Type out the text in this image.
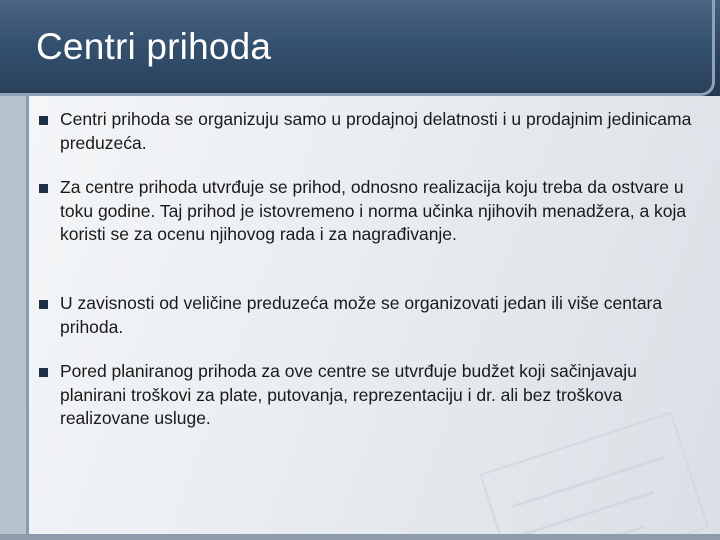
Centri prihoda

Centri prihoda se organizuju samo u prodajnoj delatnosti i u prodajnim jedinicama preduzeća.

Za centre prihoda utvrđuje se prihod, odnosno realizacija koju treba da ostvare u toku godine. Taj prihod je istovremeno i norma učinka njihovih menadžera, a koja koristi se za ocenu njihovog rada i za nagrađivanje.

U zavisnosti od veličine preduzeća može se organizovati jedan ili više centara prihoda.

Pored planiranog prihoda za ove centre se utvrđuje budžet koji sačinjavaju planirani troškovi za plate, putovanja, reprezentaciju i dr. ali bez troškova realizovane usluge.
